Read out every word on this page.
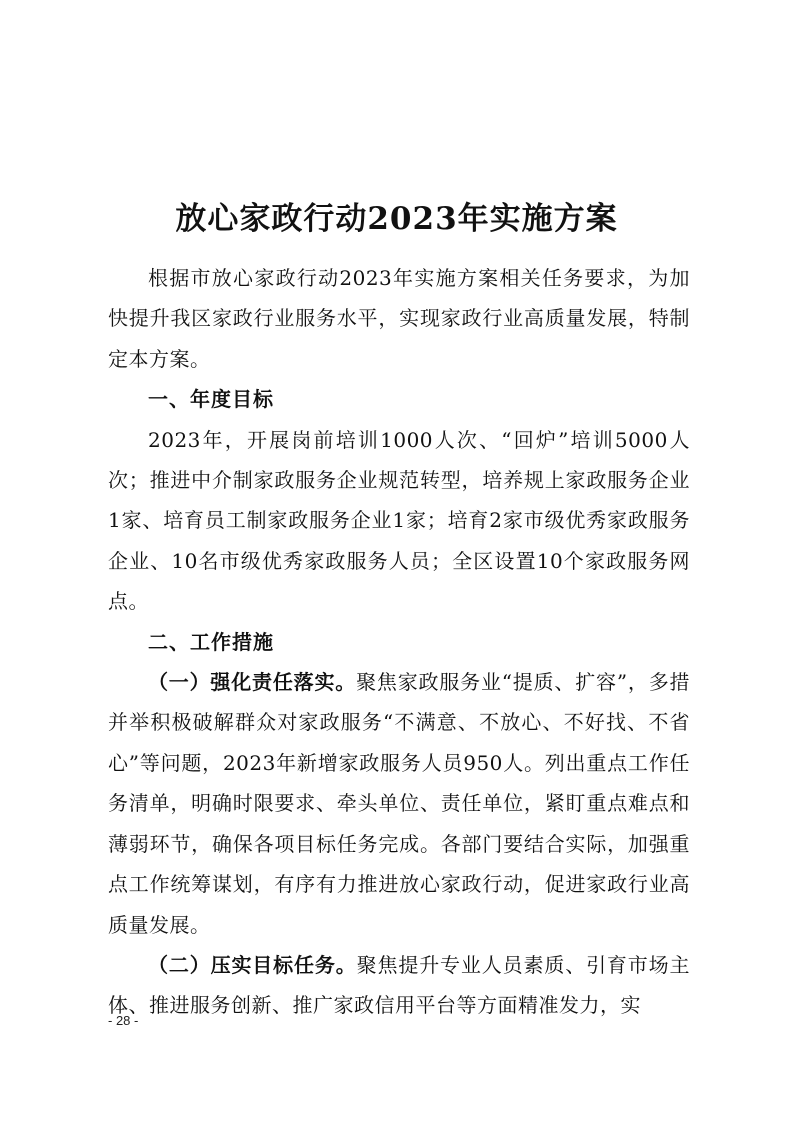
放心家政行动2023年实施方案

根据市放心家政行动2023年实施方案相关任务要求，为加快提升我区家政行业服务水平，实现家政行业高质量发展，特制定本方案。

一、年度目标

2023年，开展岗前培训1000人次、“回炉”培训5000人次；推进中介制家政服务企业规范转型，培养规上家政服务企业1家、培育员工制家政服务企业1家；培育2家市级优秀家政服务企业、10名市级优秀家政服务人员；全区设置10个家政服务网点。

二、工作措施

（一）强化责任落实。聚焦家政服务业“提质、扩容”，多措并举积极破解群众对家政服务“不满意、不放心、不好找、不省心”等问题，2023年新增家政服务人员950人。列出重点工作任务清单，明确时限要求、牵头单位、责任单位，紧盯重点难点和薄弱环节，确保各项目标任务完成。各部门要结合实际，加强重点工作统筹谋划，有序有力推进放心家政行动，促进家政行业高质量发展。

（二）压实目标任务。聚焦提升专业人员素质、引育市场主体、推进服务创新、推广家政信用平台等方面精准发力，实

- 28 -
